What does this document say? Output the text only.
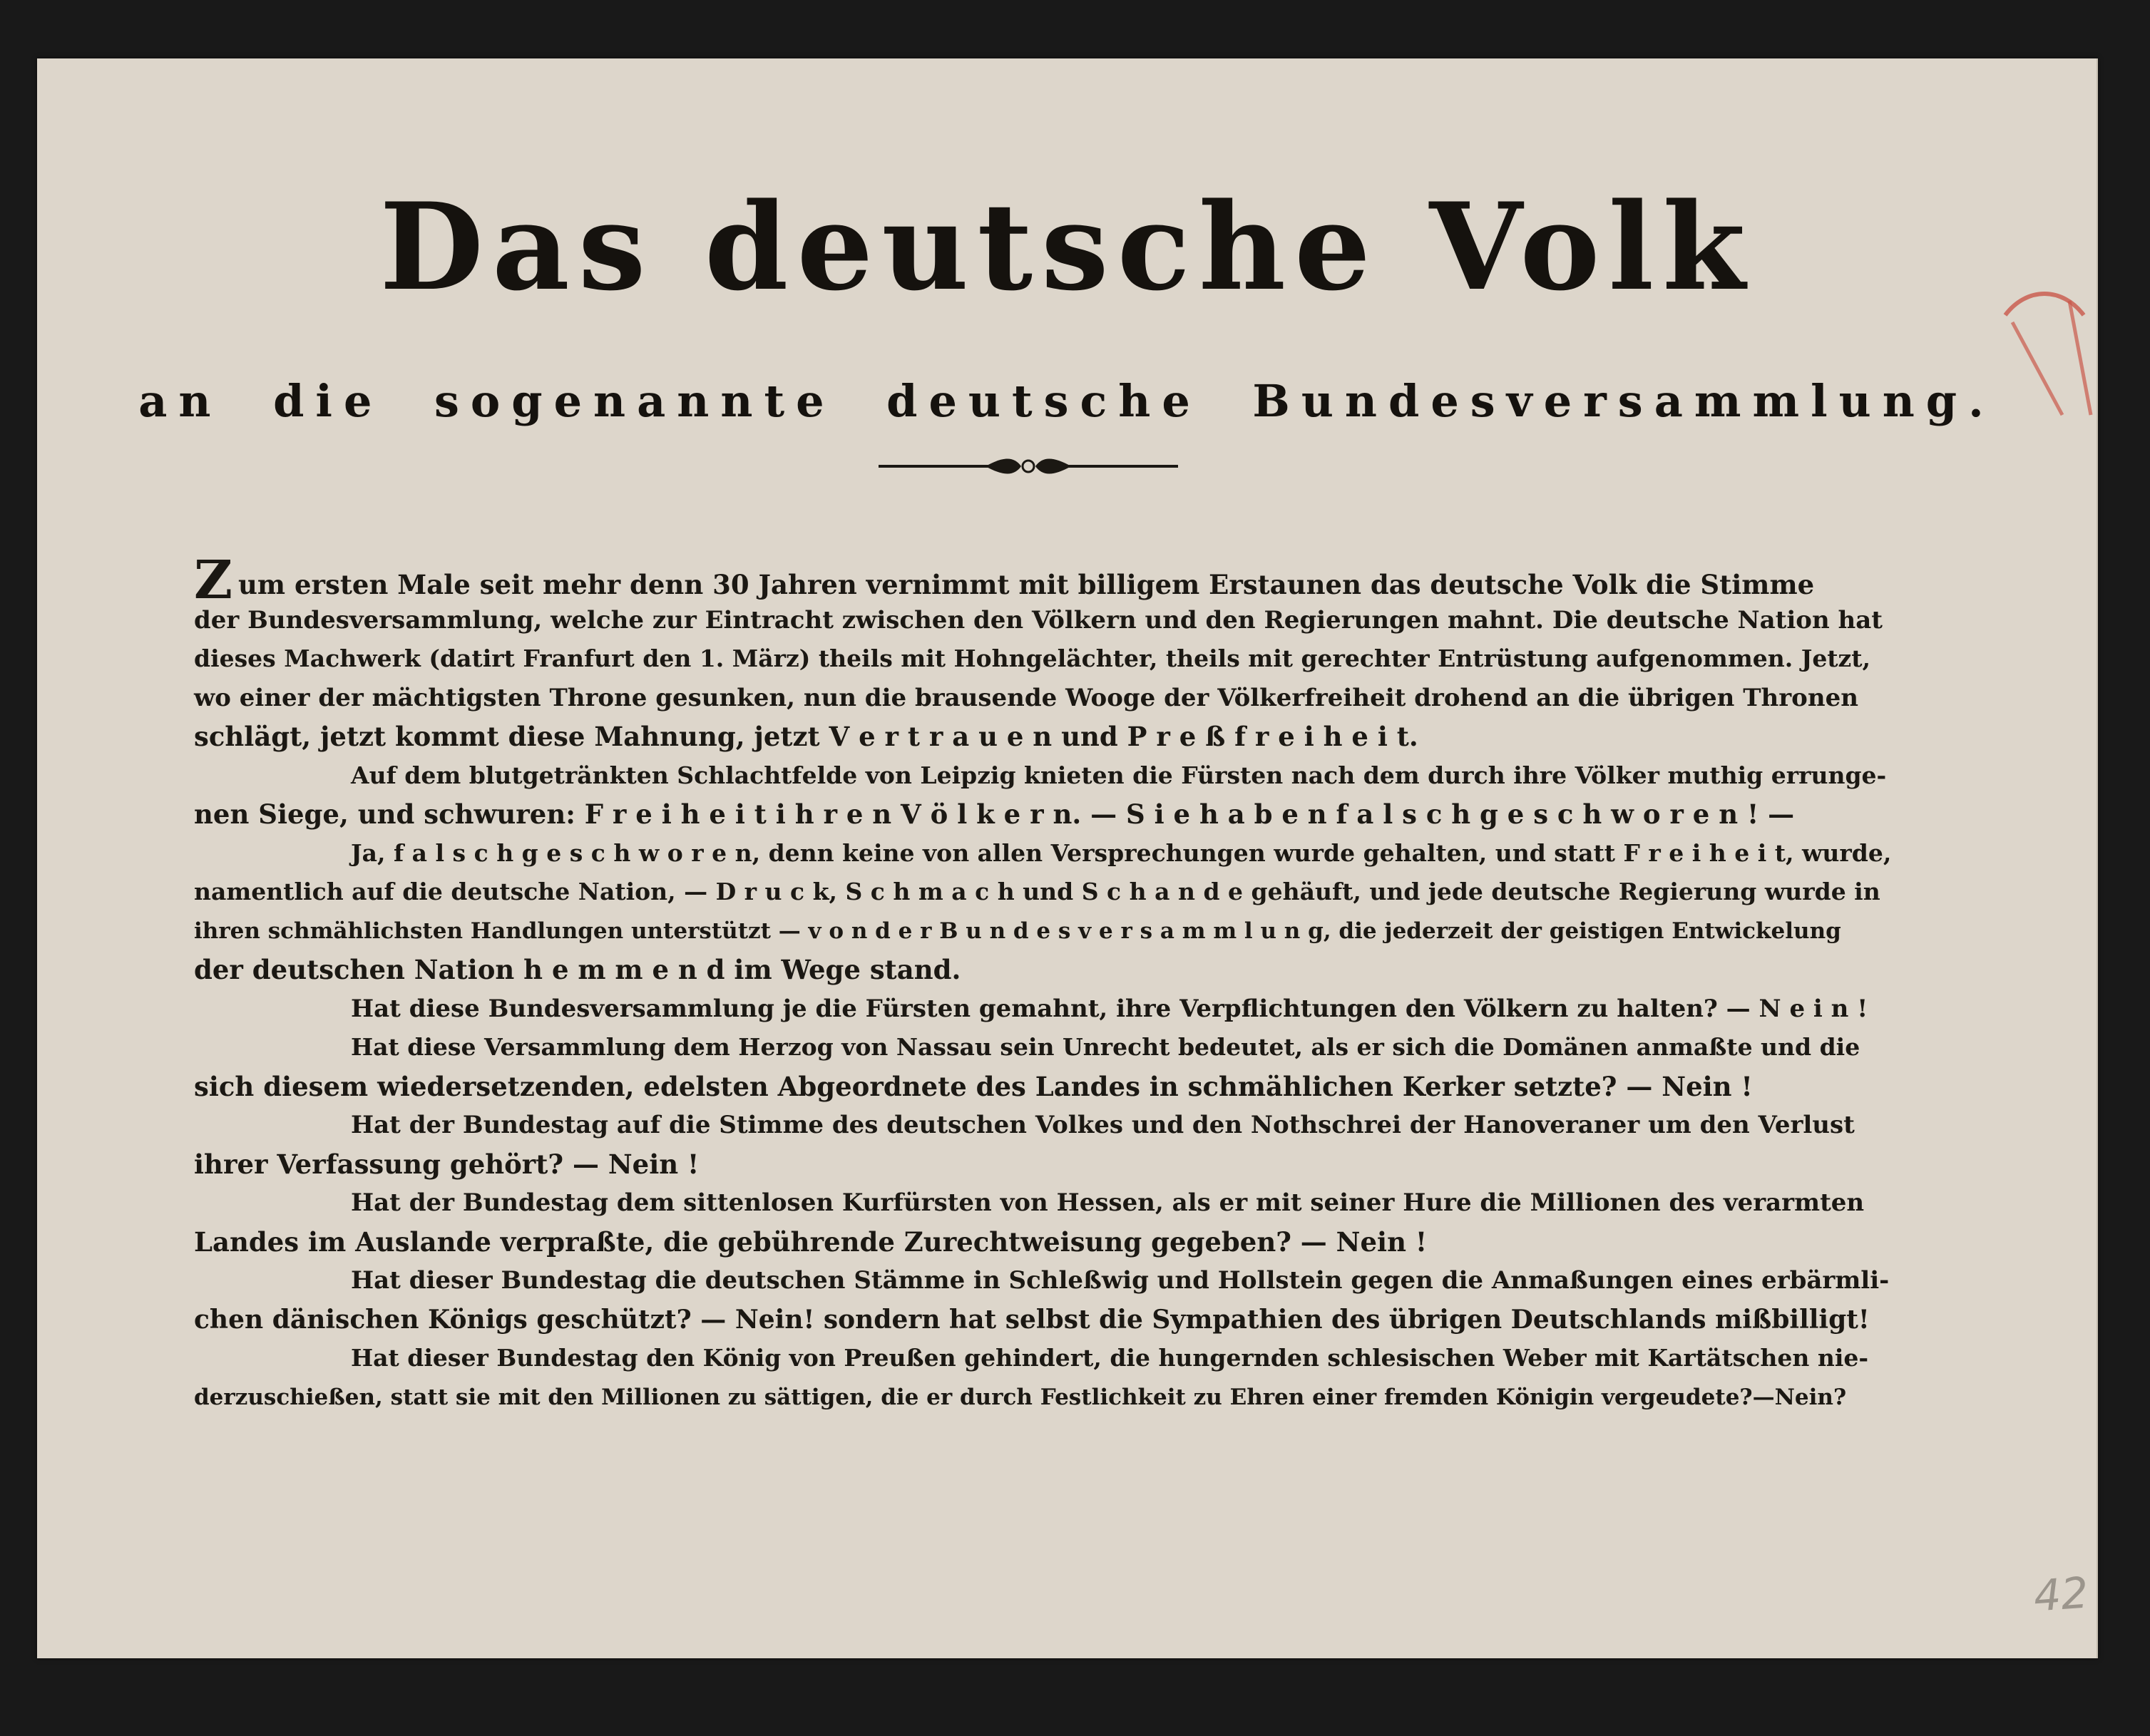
Das deutsche Volk
an die sogenannte deutsche Bundesversammlung.
Zum ersten Male seit mehr denn 30 Jahren vernimmt mit billigem Erstaunen das deutsche Volk die Stimme
der Bundesversammlung, welche zur Eintracht zwischen den Völkern und den Regierungen mahnt. Die deutsche Nation hat
dieses Machwerk (datirt Franfurt den 1. März) theils mit Hohngelächter, theils mit gerechter Entrüstung aufgenommen. Jetzt,
wo einer der mächtigsten Throne gesunken, nun die brausende Wooge der Völkerfreiheit drohend an die übrigen Thronen
schlägt, jetzt kommt diese Mahnung, jetzt V e r t r a u e n und P r e ß f r e i h e i t.
Auf dem blutgetränkten Schlachtfelde von Leipzig knieten die Fürsten nach dem durch ihre Völker muthig errunge-
nen Siege, und schwuren: F r e i h e i t i h r e n V ö l k e r n. — S i e h a b e n f a l s c h g e s c h w o r e n ! —
Ja, f a l s c h g e s c h w o r e n, denn keine von allen Versprechungen wurde gehalten, und statt F r e i h e i t, wurde,
namentlich auf die deutsche Nation, — D r u c k, S c h m a c h und S c h a n d e gehäuft, und jede deutsche Regierung wurde in
ihren schmählichsten Handlungen unterstützt — v o n d e r B u n d e s v e r s a m m l u n g, die jederzeit der geistigen Entwickelung
der deutschen Nation h e m m e n d im Wege stand.
Hat diese Bundesversammlung je die Fürsten gemahnt, ihre Verpflichtungen den Völkern zu halten? — N e i n !
Hat diese Versammlung dem Herzog von Nassau sein Unrecht bedeutet, als er sich die Domänen anmaßte und die
sich diesem wiedersetzenden, edelsten Abgeordnete des Landes in schmählichen Kerker setzte? — Nein !
Hat der Bundestag auf die Stimme des deutschen Volkes und den Nothschrei der Hanoveraner um den Verlust
ihrer Verfassung gehört? — Nein !
Hat der Bundestag dem sittenlosen Kurfürsten von Hessen, als er mit seiner Hure die Millionen des verarmten
Landes im Auslande verpraßte, die gebührende Zurechtweisung gegeben? — Nein !
Hat dieser Bundestag die deutschen Stämme in Schleßwig und Hollstein gegen die Anmaßungen eines erbärmli-
chen dänischen Königs geschützt? — Nein! sondern hat selbst die Sympathien des übrigen Deutschlands mißbilligt!
Hat dieser Bundestag den König von Preußen gehindert, die hungernden schlesischen Weber mit Kartätschen nie-
derzuschießen, statt sie mit den Millionen zu sättigen, die er durch Festlichkeit zu Ehren einer fremden Königin vergeudete?—Nein?
42
